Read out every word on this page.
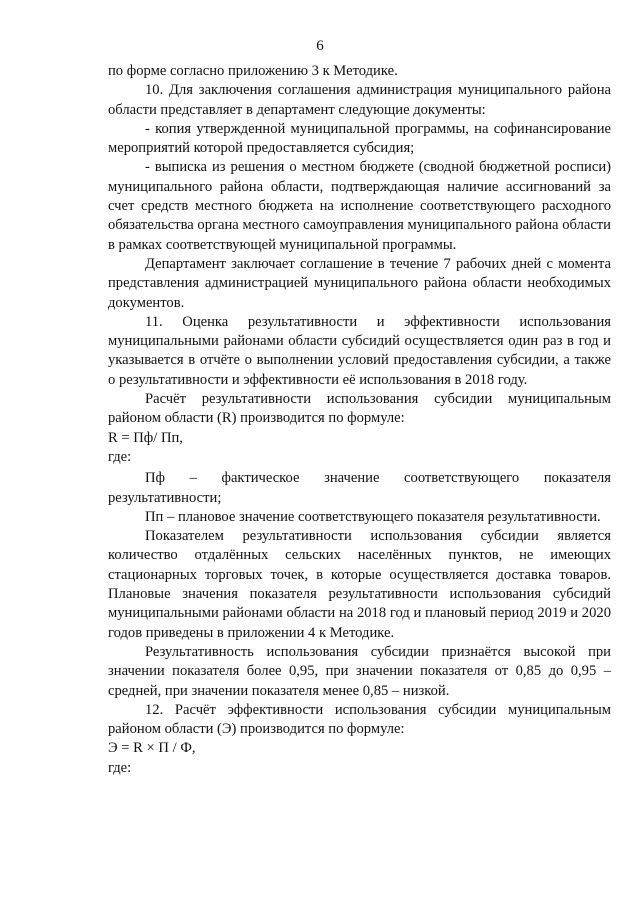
6

по форме согласно приложению 3 к Методике.

10. Для заключения соглашения администрация муниципального района области представляет в департамент следующие документы:

- копия утвержденной муниципальной программы, на софинансирование мероприятий которой предоставляется субсидия;

- выписка из решения о местном бюджете (сводной бюджетной росписи) муниципального района области, подтверждающая наличие ассигнований за счет средств местного бюджета на исполнение соответствующего расходного обязательства органа местного самоуправления муниципального района области в рамках соответствующей муниципальной программы.

Департамент заключает соглашение в течение 7 рабочих дней с момента представления администрацией муниципального района области необходимых документов.

11. Оценка результативности и эффективности использования муниципальными районами области субсидий осуществляется один раз в год и указывается в отчёте о выполнении условий предоставления субсидии, а также о результативности и эффективности её использования в 2018 году.

Расчёт результативности использования субсидии муниципальным районом области (R) производится по формуле:

R = Пф/ Пп,

где:

Пф – фактическое значение соответствующего показателя результативности;

Пп – плановое значение соответствующего показателя результативности.

Показателем результативности использования субсидии является количество отдалённых сельских населённых пунктов, не имеющих стационарных торговых точек, в которые осуществляется доставка товаров. Плановые значения показателя результативности использования субсидий муниципальными районами области на 2018 год и плановый период 2019 и 2020 годов приведены в приложении 4 к Методике.

Результативность использования субсидии признаётся высокой при значении показателя более 0,95, при значении показателя от 0,85 до 0,95 – средней, при значении показателя менее 0,85 – низкой.

12. Расчёт эффективности использования субсидии муниципальным районом области (Э) производится по формуле:

Э = R × П / Ф,

где:
